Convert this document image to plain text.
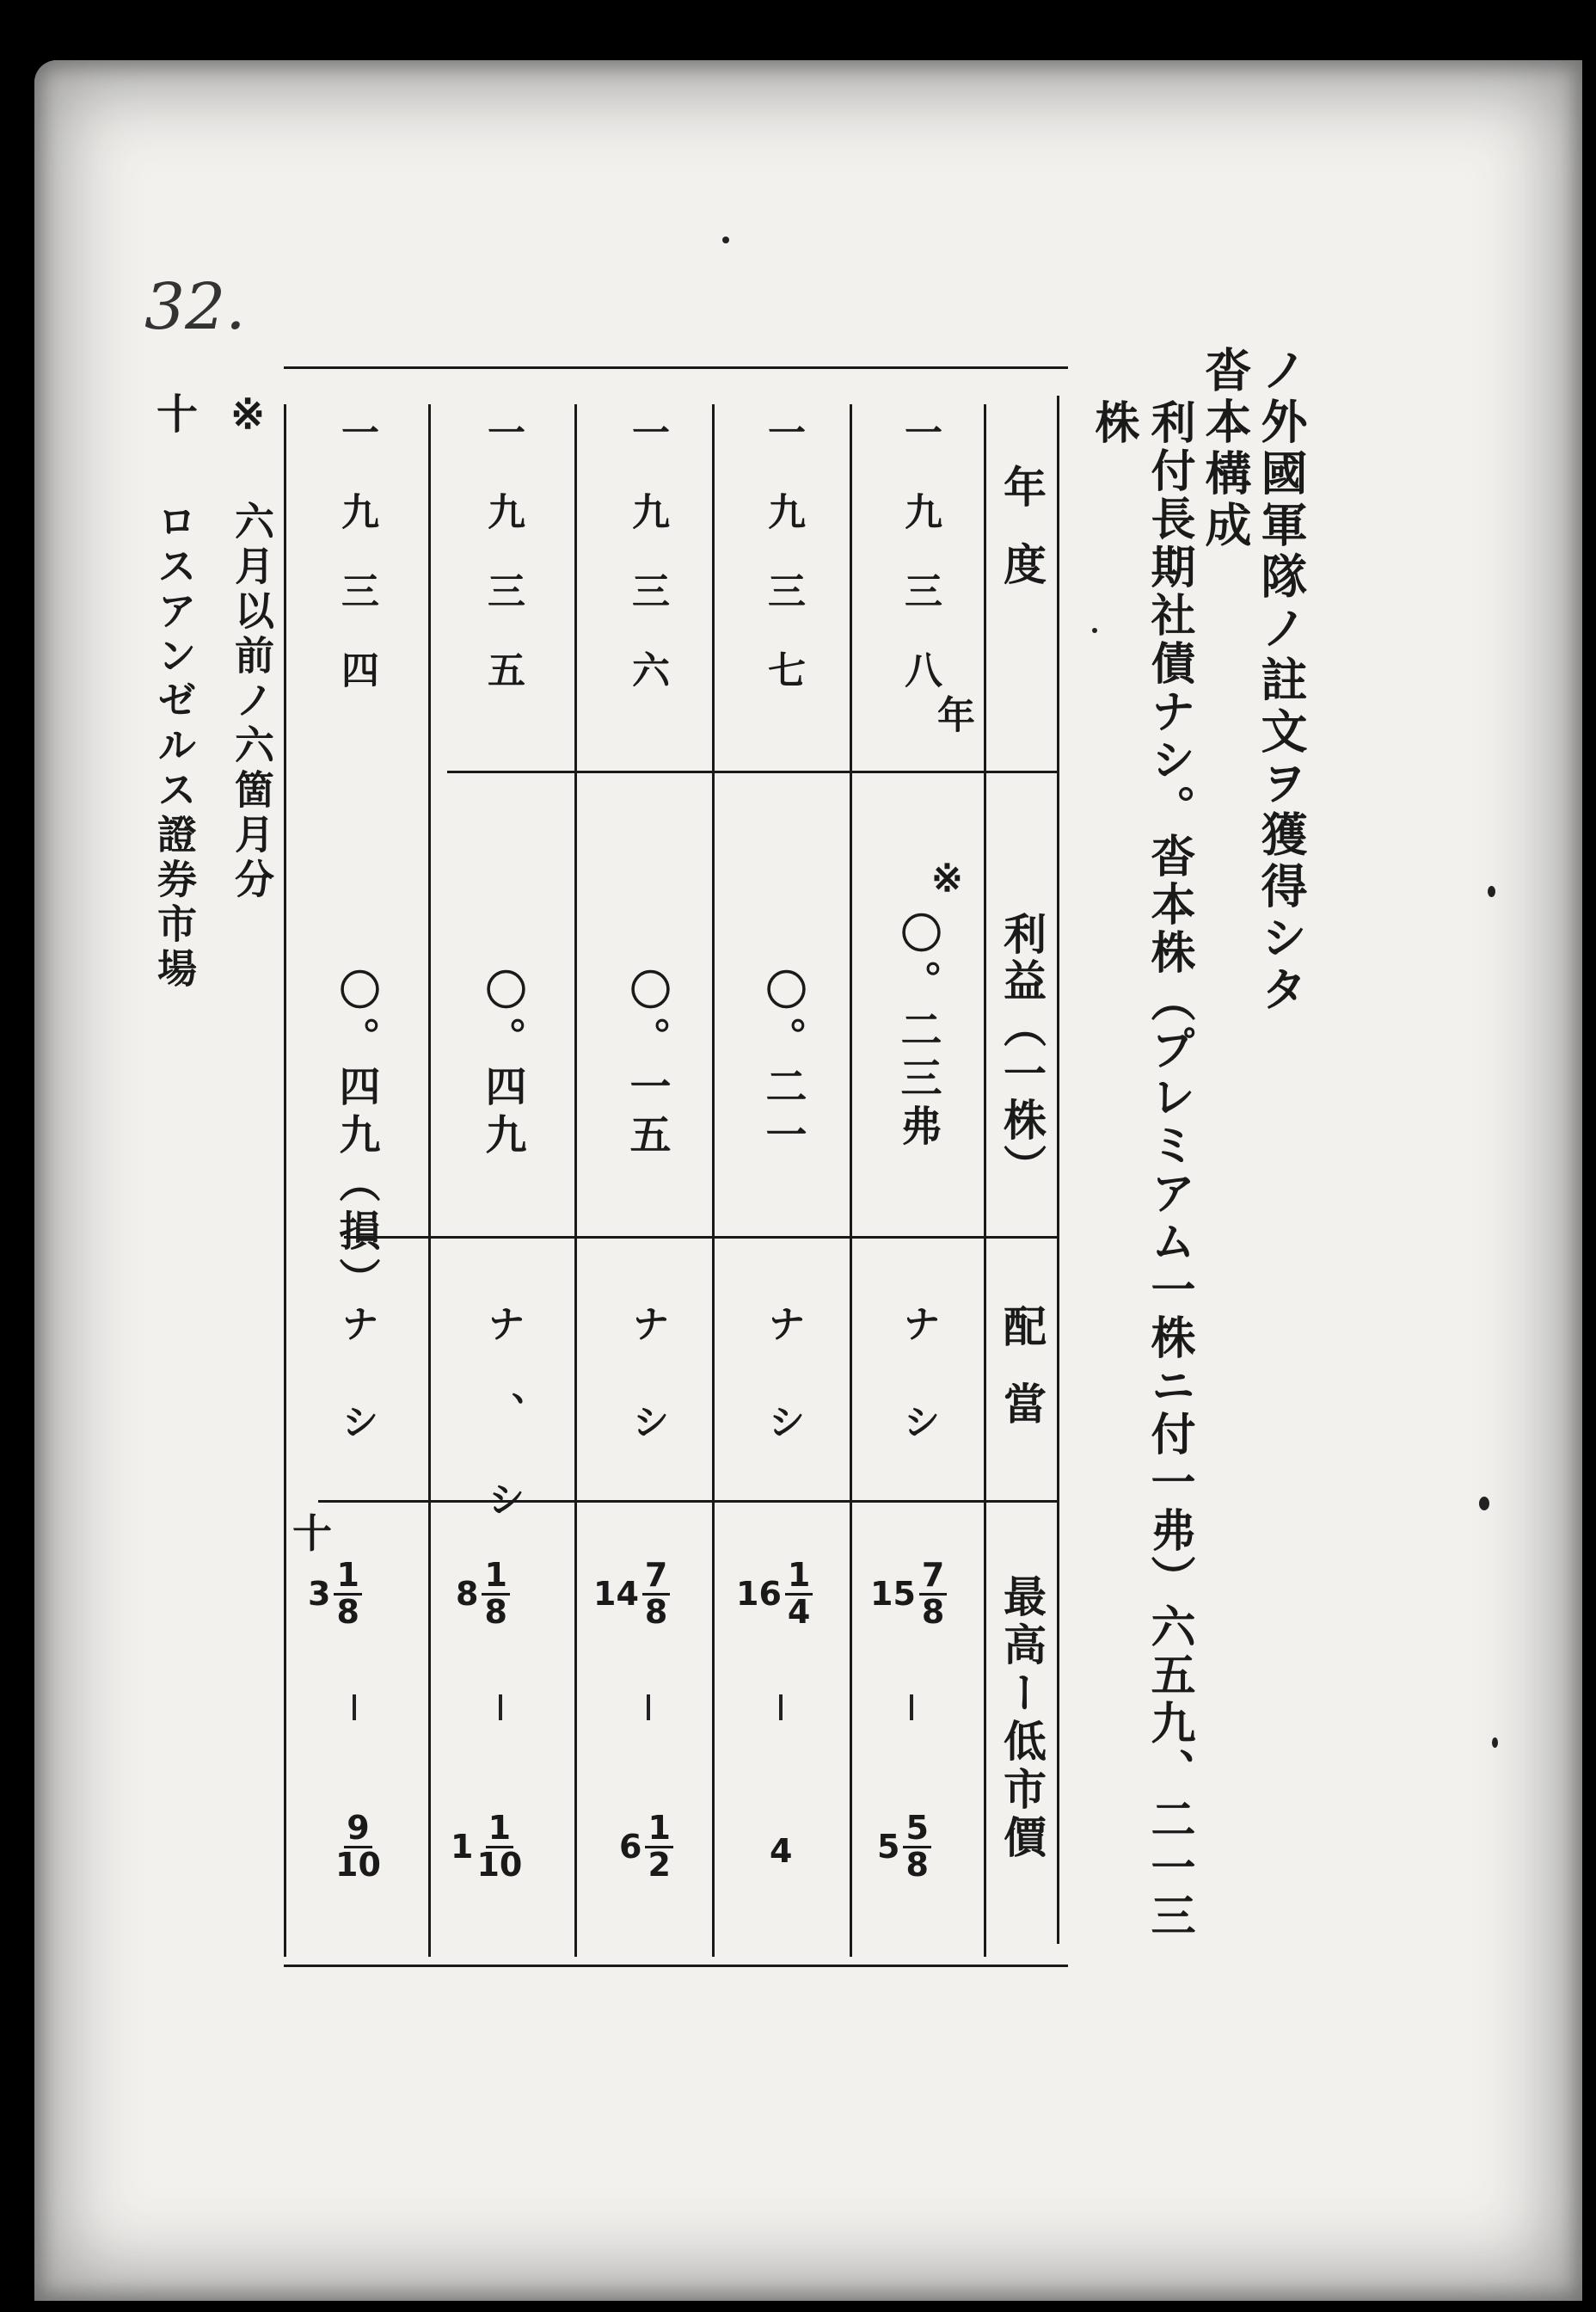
32.
ノ外國軍隊ノ註文ヲ獲得シタ
沓本構成
利付長期社債ナシ。沓本株（プレミアム一株ニ付一弗）六五九、二一三
株
年度
利益（一株）
配當
最高ー低市價
一九三八
年
※
〇。二三弗
ナシ
$15 \frac{7}{8}$
$5 \frac{5}{8}$
一九三七
〇。二一
ナシ
$16 \frac{1}{4}$
4
一九三六
〇。一五
ナシ
$14 \frac{7}{8}$
$6 \frac{1}{2}$
一九三五
〇。四九
ナ、シ
$8 \frac{1}{8}$
$1 \frac{1}{10}$
一九三四
〇。四九（損）
ナシ
十
$3 \frac{1}{8}$
$\frac{9}{10}$
※
六月以前ノ六箇月分
十
ロスアンゼルス證券市場
